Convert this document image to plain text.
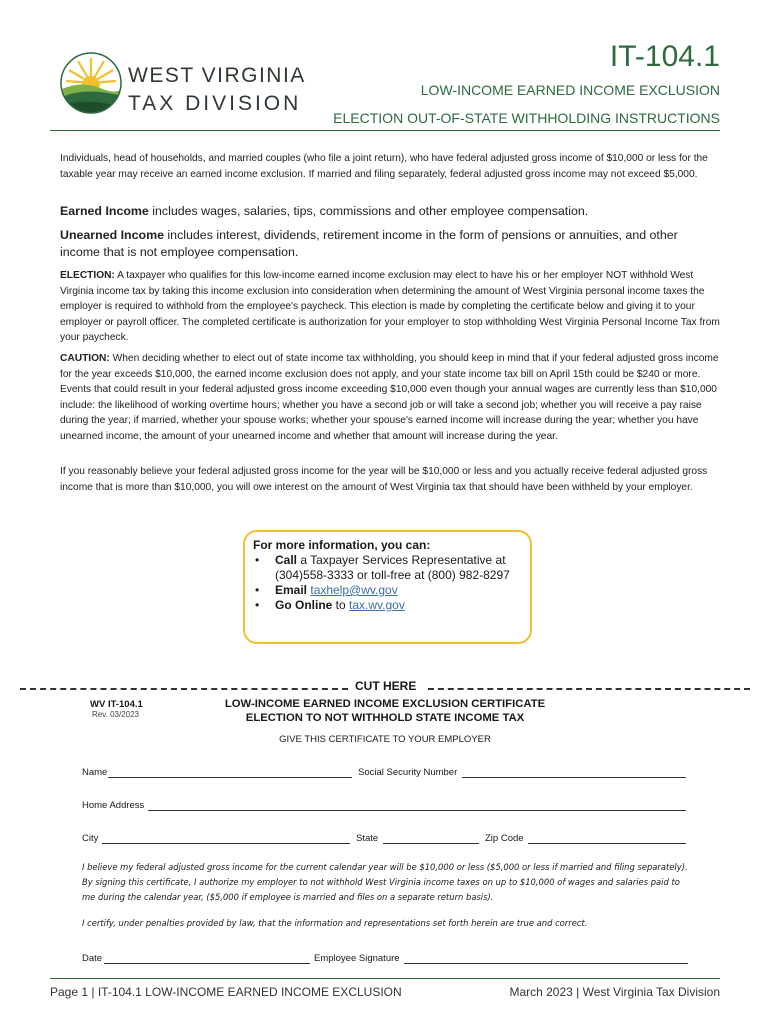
WEST VIRGINIA
TAX DIVISION
IT-104.1
LOW-INCOME EARNED INCOME EXCLUSION
ELECTION OUT-OF-STATE WITHHOLDING INSTRUCTIONS
Individuals, head of households, and married couples (who file a joint return), who have federal adjusted gross income of $10,000 or less for the taxable year may receive an earned income exclusion. If married and filing separately, federal adjusted gross income may not exceed $5,000.
Earned Income includes wages, salaries, tips, commissions and other employee compensation.
Unearned Income includes interest, dividends, retirement income in the form of pensions or annuities, and other income that is not employee compensation.
ELECTION: A taxpayer who qualifies for this low-income earned income exclusion may elect to have his or her employer NOT withhold West Virginia income tax by taking this income exclusion into consideration when determining the amount of West Virginia personal income taxes the employer is required to withhold from the employee's paycheck. This election is made by completing the certificate below and giving it to your employer or payroll officer. The completed certificate is authorization for your employer to stop withholding West Virginia Personal Income Tax from your paycheck.
CAUTION: When deciding whether to elect out of state income tax withholding, you should keep in mind that if your federal adjusted gross income for the year exceeds $10,000, the earned income exclusion does not apply, and your state income tax bill on April 15th could be $240 or more. Events that could result in your federal adjusted gross income exceeding $10,000 even though your annual wages are currently less than $10,000 include: the likelihood of working overtime hours; whether you have a second job or will take a second job; whether you will receive a pay raise during the year; if married, whether your spouse works; whether your spouse's earned income will increase during the year; whether you have unearned income, the amount of your unearned income and whether that amount will increase during the year.
If you reasonably believe your federal adjusted gross income for the year will be $10,000 or less and you actually receive federal adjusted gross income that is more than $10,000, you will owe interest on the amount of West Virginia tax that should have been withheld by your employer.
For more information, you can:
• Call a Taxpayer Services Representative at
(304)558-3333 or toll-free at (800) 982-8297
• Email taxhelp@wv.gov
• Go Online to tax.wv.gov
CUT HERE
WV IT-104.1
Rev. 03/2023
LOW-INCOME EARNED INCOME EXCLUSION CERTIFICATE
ELECTION TO NOT WITHHOLD STATE INCOME TAX
GIVE THIS CERTIFICATE TO YOUR EMPLOYER
Name	Social Security Number
Home Address
City	State	Zip Code
I believe my federal adjusted gross income for the current calendar year will be $10,000 or less ($5,000 or less if married and filing separately). By signing this certificate, I authorize my employer to not withhold West Virginia income taxes on up to $10,000 of wages and salaries paid to me during the calendar year, ($5,000 if employee is married and files on a separate return basis).
I certify, under penalties provided by law, that the information and representations set forth herein are true and correct.
Date	Employee Signature
Page 1 | IT-104.1 LOW-INCOME EARNED INCOME EXCLUSION	March 2023 | West Virginia Tax Division
